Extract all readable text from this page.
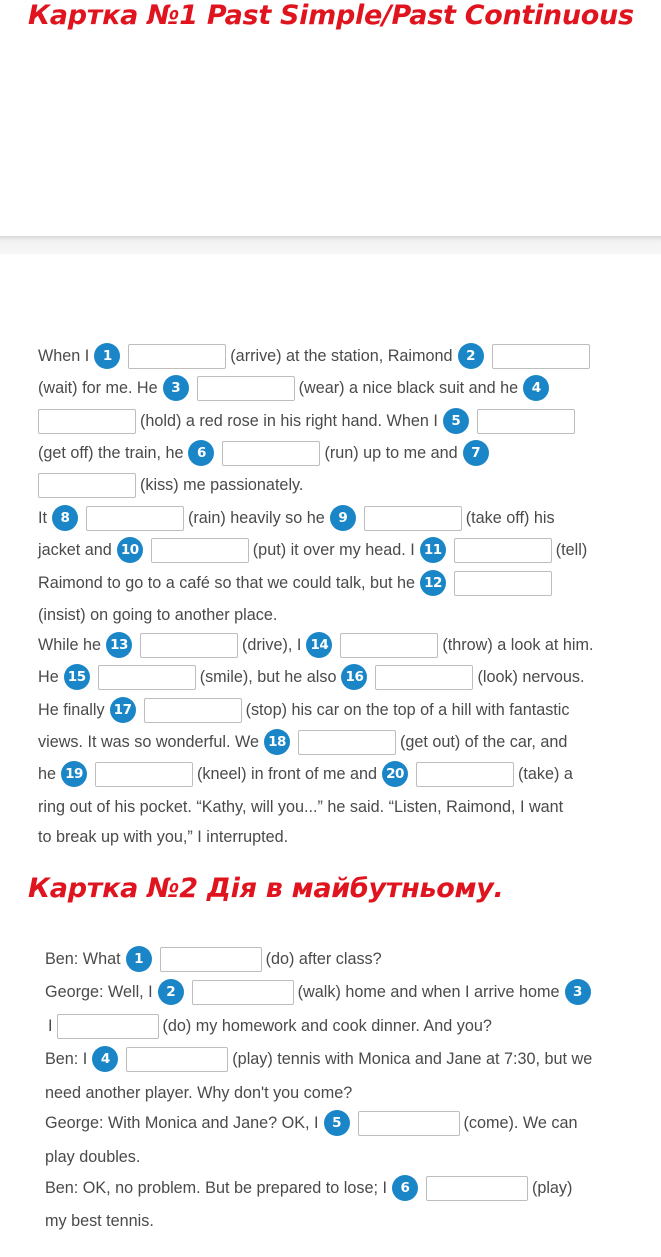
Картка №1 Past Simple/Past Continuous
When I	1	(arrive) at the station, Raimond	2
(wait) for me. He	3	(wear) a nice black suit and he	4
(hold) a red rose in his right hand. When I	5
(get off) the train, he	6	(run) up to me and	7
(kiss) me passionately.
It	8	(rain) heavily so he	9	(take off) his
jacket and 10	(put) it over my head. I 11	(tell)
Raimond to go to a café so that we could talk, but he 12
(insist) on going to another place.
While he 13	(drive), I 14	(throw) a look at him.
He 15	(smile), but he also 16	(look) nervous.
He finally 17	(stop) his car on the top of a hill with fantastic
views. It was so wonderful. We 18	(get out) of the car, and
he 19	(kneel) in front of me and 20	(take) a
ring out of his pocket. “Kathy, will you...” he said. “Listen, Raimond, I want
to break up with you,” I interrupted.
Картка №2 Дія в майбутньому.
Ben: What	1	(do) after class?
George: Well, I	2	(walk) home and when I arrive home	3
I	(do) my homework and cook dinner. And you?
Ben: I	4	(play) tennis with Monica and Jane at 7:30, but we
need another player. Why don't you come?
George: With Monica and Jane? OK, I	5	(come). We can
play doubles.
Ben: OK, no problem. But be prepared to lose; I	6	(play)
my best tennis.
